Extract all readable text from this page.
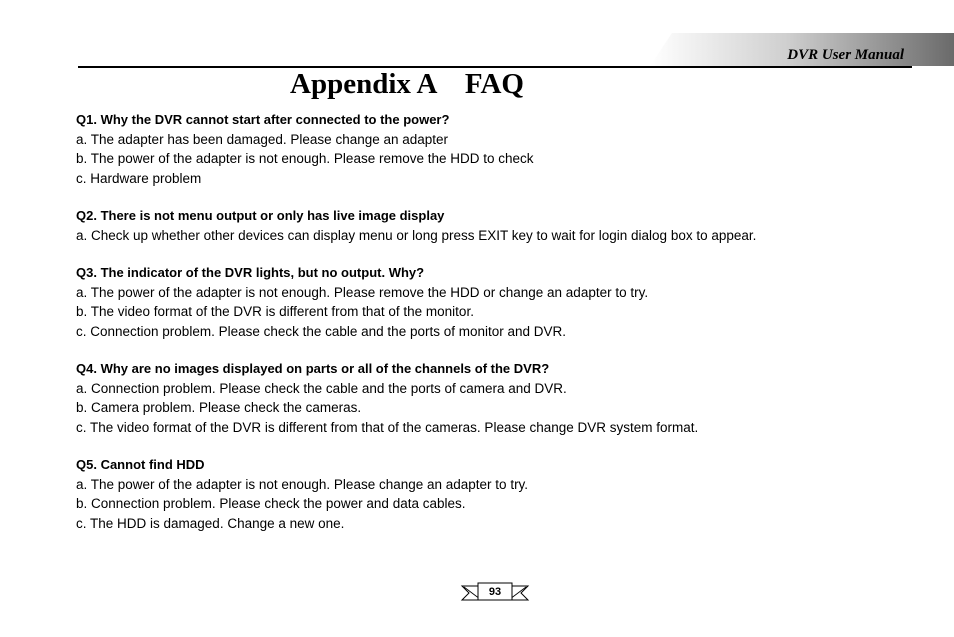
DVR User Manual
Appendix A    FAQ

Q1. Why the DVR cannot start after connected to the power?

a. The adapter has been damaged. Please change an adapter

b. The power of the adapter is not enough. Please remove the HDD to check

c. Hardware problem

Q2. There is not menu output or only has live image display

a. Check up whether other devices can display menu or long press EXIT key to wait for login dialog box to appear.

Q3. The indicator of the DVR lights, but no output. Why?

a. The power of the adapter is not enough. Please remove the HDD or change an adapter to try.

b. The video format of the DVR is different from that of the monitor.

c. Connection problem. Please check the cable and the ports of monitor and DVR.

Q4. Why are no images displayed on parts or all of the channels of the DVR?

a. Connection problem. Please check the cable and the ports of camera and DVR.

b. Camera problem. Please check the cameras.

c. The video format of the DVR is different from that of the cameras. Please change DVR system format.

Q5. Cannot find HDD

a. The power of the adapter is not enough. Please change an adapter to try.

b. Connection problem. Please check the power and data cables.

c. The HDD is damaged. Change a new one.

93
